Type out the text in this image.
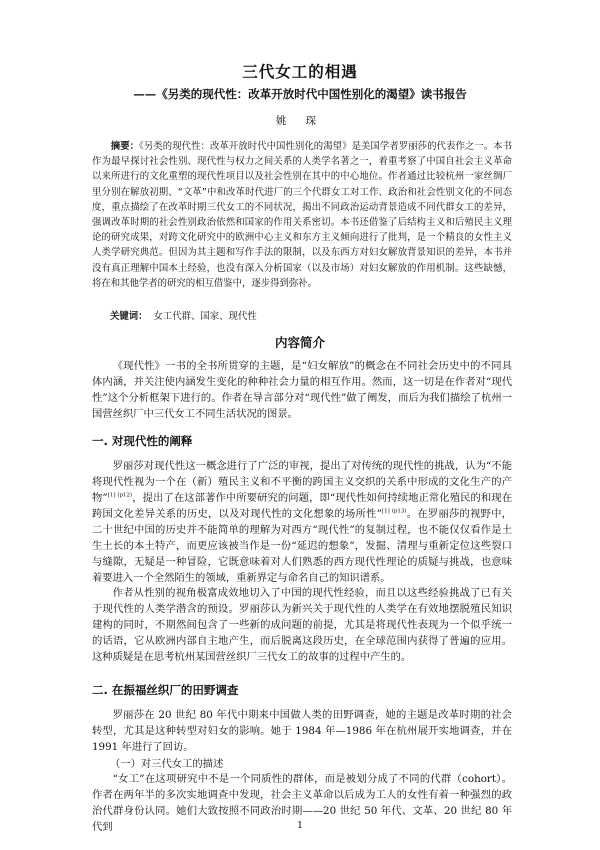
三代女工的相遇
——《另类的现代性：改革开放时代中国性别化的渴望》读书报告
姚 琛
摘要：《另类的现代性：改革开放时代中国性别化的渴望》是美国学者罗丽莎的代表作之一。本书作为最早探讨社会性别、现代性与权力之间关系的人类学名著之一，着重考察了中国自社会主义革命以来所进行的文化重塑的现代性项目以及社会性别在其中的中心地位。作者通过比较杭州一家丝绸厂里分别在解放初期、“文革”中和改革时代进厂的三个代群女工对工作、政治和社会性别文化的不同态度，重点描绘了在改革时期三代女工的不同状况，揭出不同政治运动背景造成不同代群女工的差异，强调改革时期的社会性别政治依然和国家的作用关系密切。本书还借鉴了后结构主义和后殖民主义理论的研究成果，对跨文化研究中的欧洲中心主义和东方主义倾向进行了批判，是一个精良的女性主义人类学研究典范。但因为其主题和写作手法的限制，以及东西方对妇女解放背景知识的差异，本书并没有真正理解中国本土经验，也没有深入分析国家（以及市场）对妇女解放的作用机制。这些缺憾，将在和其他学者的研究的相互借鉴中，逐步得到弥补。
关键词： 女工代群、国家、现代性
内容简介
《现代性》一书的全书所贯穿的主题，是“妇女解放”的概念在不同社会历史中的不同具体内涵，并关注使内涵发生变化的种种社会力量的相互作用。然而，这一切是在作者对“现代性”这个分析框架下进行的。作者在导言部分对“现代性”做了阐发，而后为我们描绘了杭州一国营丝织厂中三代女工不同生活状况的图景。
一. 对现代性的阐释
罗丽莎对现代性这一概念进行了广泛的审视，提出了对传统的现代性的挑战，认为“不能将现代性视为一个在（新）殖民主义和不平衡的跨国主义交织的关系中形成的文化生产的产物”$^{[1] (p12)}$，提出了在这部著作中所要研究的问题，即“现代性如何持续地正常化殖民的和现在跨国文化差异关系的历史，以及对现代性的文化想象的场所性”$^{[1] (p13)}$。在罗丽莎的视野中，二十世纪中国的历史并不能简单的理解为对西方“现代性”的复制过程，也不能仅仅看作是土生土长的本土特产，而更应该被当作是一份“延迟的想象”，发掘、清理与重新定位这些裂口与缝隙，无疑是一种冒险，它既意味着对人们熟悉的西方现代性理论的质疑与挑战，也意味着要进入一个全然陌生的领域，重新界定与命名自己的知识谱系。
作者从性别的视角极富成效地切入了中国的现代性经验，而且以这些经验挑战了已有关于现代性的人类学潜含的预设。罗丽莎认为新兴关于现代性的人类学在有效地摆脱殖民知识建构的同时，不期然间包含了一些新的成问题的前提，尤其是将现代性表现为一个似乎统一的话语，它从欧洲内部自主地产生，而后脱离这段历史，在全球范围内获得了普遍的应用。这种质疑是在思考杭州某国营丝织厂三代女工的故事的过程中产生的。
二. 在振福丝织厂的田野调查
罗丽莎在 20 世纪 80 年代中期来中国做人类的田野调查，她的主题是改革时期的社会转型，尤其是这种转型对妇女的影响。她于 1984 年—1986 年在杭州展开实地调查，并在 1991 年进行了回访。
（一）对三代女工的描述
“女工”在这项研究中不是一个同质性的群体，而是被划分成了不同的代群（cohort）。作者在两年半的多次实地调查中发现，社会主义革命以后成为工人的女性有着一种强烈的政治代群身份认同。她们大致按照不同政治时期——20 世纪 50 年代、文革、20 世纪 80 年代到	1
